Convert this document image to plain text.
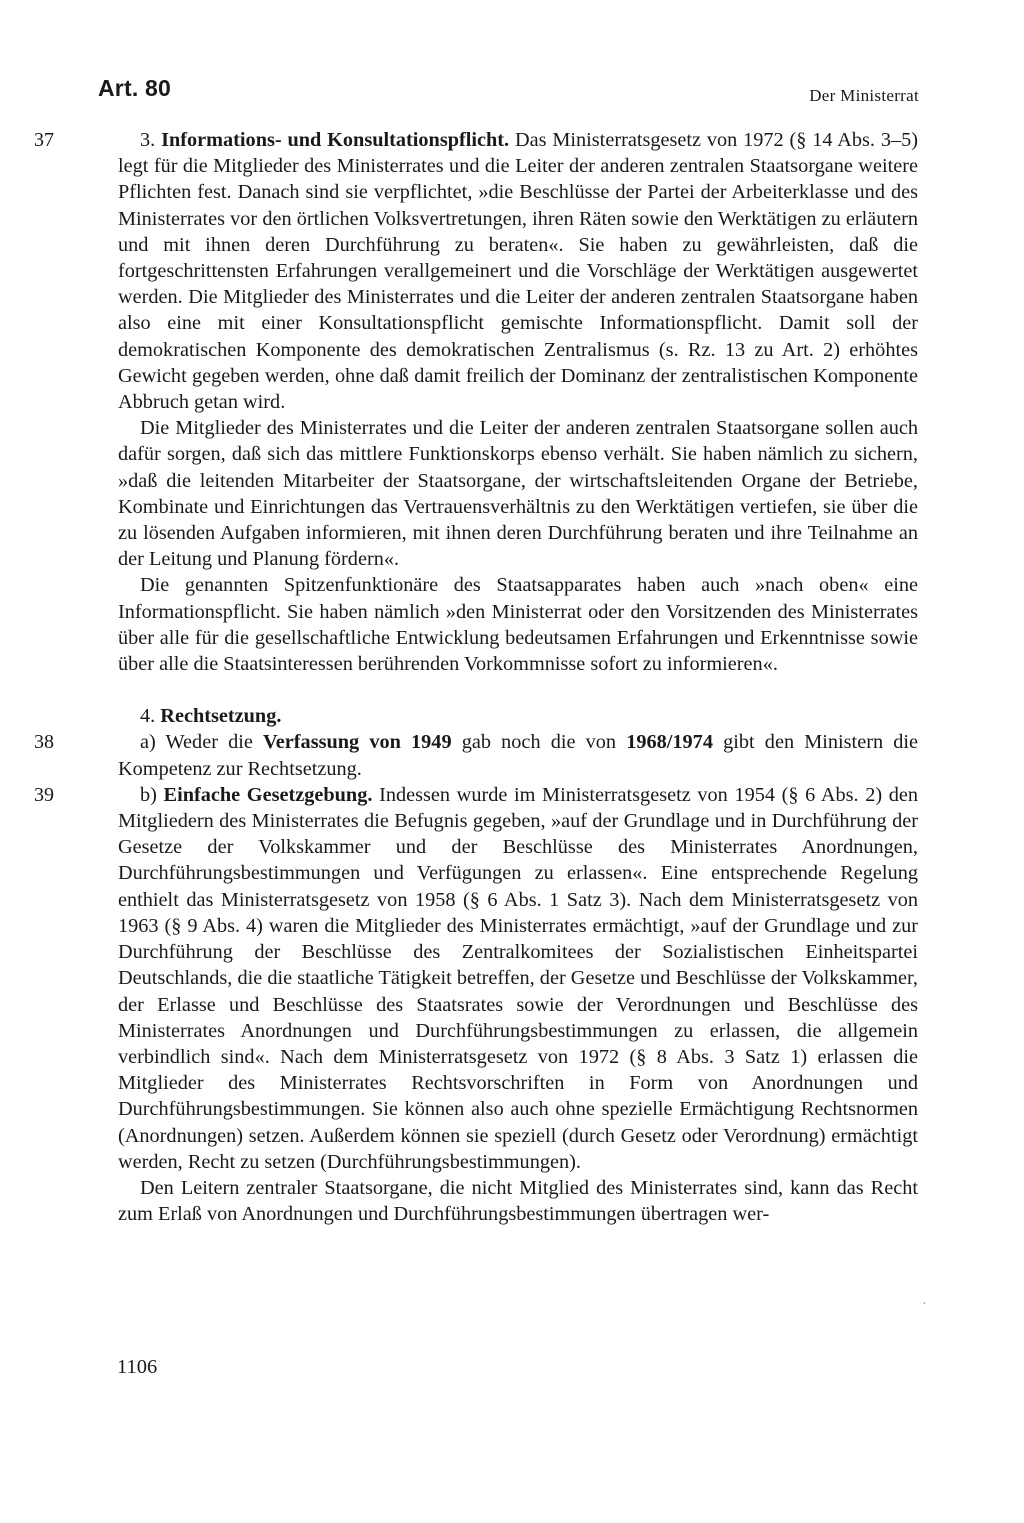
Art. 80	Der Ministerrat

37	3. Informations- und Konsultationspflicht. Das Ministerratsgesetz von 1972 (§ 14 Abs. 3–5) legt für die Mitglieder des Ministerrates und die Leiter der anderen zentralen Staatsorgane weitere Pflichten fest. Danach sind sie verpflichtet, »die Beschlüsse der Partei der Arbeiterklasse und des Ministerrates vor den örtlichen Volksvertretungen, ihren Räten sowie den Werktätigen zu erläutern und mit ihnen deren Durchführung zu beraten«. Sie haben zu gewährleisten, daß die fortgeschrittensten Erfahrungen verallgemeinert und die Vorschläge der Werktätigen ausgewertet werden. Die Mitglieder des Ministerrates und die Leiter der anderen zentralen Staatsorgane haben also eine mit einer Konsultationspflicht gemischte Informationspflicht. Damit soll der demokratischen Komponente des demokratischen Zentralismus (s. Rz. 13 zu Art. 2) erhöhtes Gewicht gegeben werden, ohne daß damit freilich der Dominanz der zentralistischen Komponente Abbruch getan wird.

Die Mitglieder des Ministerrates und die Leiter der anderen zentralen Staatsorgane sollen auch dafür sorgen, daß sich das mittlere Funktionskorps ebenso verhält. Sie haben nämlich zu sichern, »daß die leitenden Mitarbeiter der Staatsorgane, der wirtschaftsleitenden Organe der Betriebe, Kombinate und Einrichtungen das Vertrauensverhältnis zu den Werktätigen vertiefen, sie über die zu lösenden Aufgaben informieren, mit ihnen deren Durchführung beraten und ihre Teilnahme an der Leitung und Planung fördern«.

Die genannten Spitzenfunktionäre des Staatsapparates haben auch »nach oben« eine Informationspflicht. Sie haben nämlich »den Ministerrat oder den Vorsitzenden des Ministerrates über alle für die gesellschaftliche Entwicklung bedeutsamen Erfahrungen und Erkenntnisse sowie über alle die Staatsinteressen berührenden Vorkommnisse sofort zu informieren«.

4. Rechtsetzung.

38	a) Weder die Verfassung von 1949 gab noch die von 1968/1974 gibt den Ministern die Kompetenz zur Rechtsetzung.

39	b) Einfache Gesetzgebung. Indessen wurde im Ministerratsgesetz von 1954 (§ 6 Abs. 2) den Mitgliedern des Ministerrates die Befugnis gegeben, »auf der Grundlage und in Durchführung der Gesetze der Volkskammer und der Beschlüsse des Ministerrates Anordnungen, Durchführungsbestimmungen und Verfügungen zu erlassen«. Eine entsprechende Regelung enthielt das Ministerratsgesetz von 1958 (§ 6 Abs. 1 Satz 3). Nach dem Ministerratsgesetz von 1963 (§ 9 Abs. 4) waren die Mitglieder des Ministerrates ermächtigt, »auf der Grundlage und zur Durchführung der Beschlüsse des Zentralkomitees der Sozialistischen Einheitspartei Deutschlands, die die staatliche Tätigkeit betreffen, der Gesetze und Beschlüsse der Volkskammer, der Erlasse und Beschlüsse des Staatsrates sowie der Verordnungen und Beschlüsse des Ministerrates Anordnungen und Durchführungsbestimmungen zu erlassen, die allgemein verbindlich sind«. Nach dem Ministerratsgesetz von 1972 (§ 8 Abs. 3 Satz 1) erlassen die Mitglieder des Ministerrates Rechtsvorschriften in Form von Anordnungen und Durchführungsbestimmungen. Sie können also auch ohne spezielle Ermächtigung Rechtsnormen (Anordnungen) setzen. Außerdem können sie speziell (durch Gesetz oder Verordnung) ermächtigt werden, Recht zu setzen (Durchführungsbestimmungen).

Den Leitern zentraler Staatsorgane, die nicht Mitglied des Ministerrates sind, kann das Recht zum Erlaß von Anordnungen und Durchführungsbestimmungen übertragen wer-

·
1106
